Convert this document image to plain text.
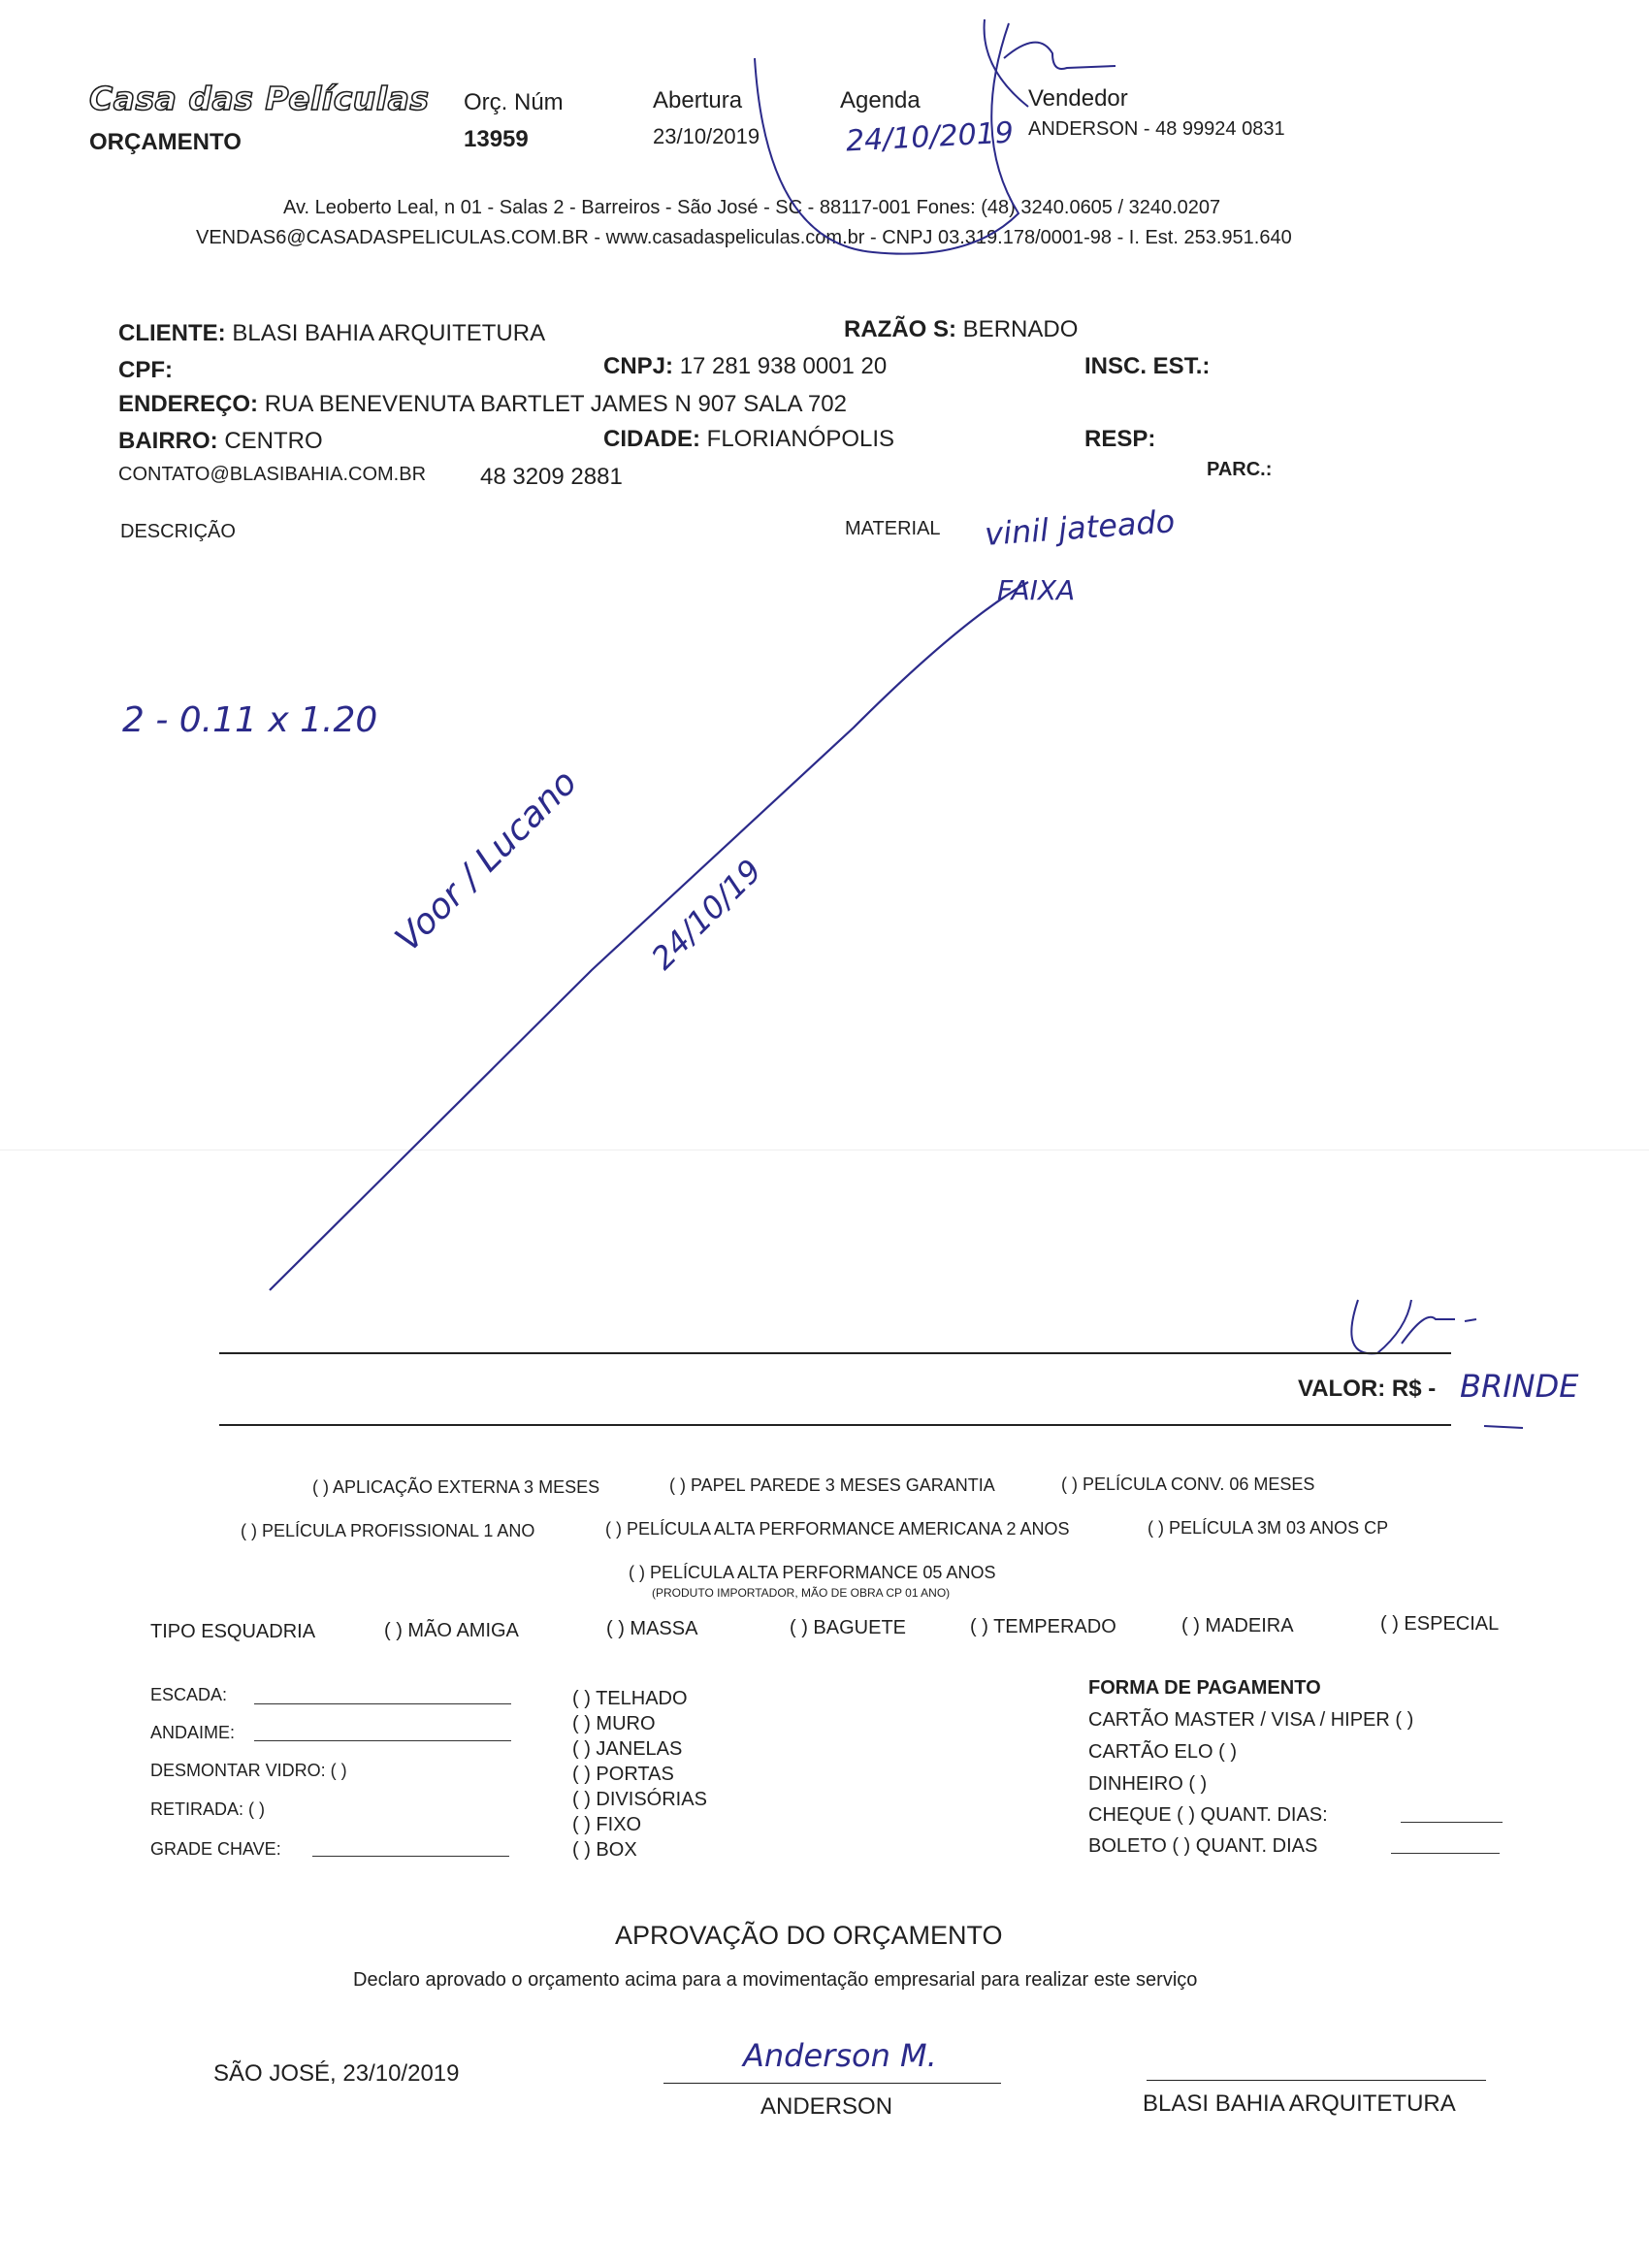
Casa das Películas
ORÇAMENTO
Orç. Núm
13959
Abertura
23/10/2019
Agenda
24/10/2019
Vendedor
ANDERSON - 48 99924 0831
Av. Leoberto Leal, n 01 - Salas 2 - Barreiros - São José - SC - 88117-001 Fones: (48) 3240.0605 / 3240.0207
VENDAS6@CASADASPELICULAS.COM.BR - www.casadaspeliculas.com.br - CNPJ 03.319.178/0001-98 - I. Est. 253.951.640
CLIENTE: BLASI BAHIA ARQUITETURA	RAZÃO S: BERNADO
CPF:	CNPJ: 17 281 938 0001 20	INSC. EST.:
ENDEREÇO: RUA BENEVENUTA BARTLET JAMES N 907 SALA 702
BAIRRO: CENTRO	CIDADE: FLORIANÓPOLIS	RESP:
CONTATO@BLASIBAHIA.COM.BR 48 3209 2881	PARC.:
DESCRIÇÃO	MATERIAL vinil jateado
FAIXA
2 - 0.11 x 1.20
Voor / Lucano 24/10/19
VALOR: R$ - BRINDE
( ) APLICAÇÃO EXTERNA 3 MESES	( ) PAPEL PAREDE 3 MESES GARANTIA	( ) PELÍCULA CONV. 06 MESES
( ) PELÍCULA PROFISSIONAL 1 ANO	( ) PELÍCULA ALTA PERFORMANCE AMERICANA 2 ANOS	( ) PELÍCULA 3M 03 ANOS CP
( ) PELÍCULA ALTA PERFORMANCE 05 ANOS
(PRODUTO IMPORTADOR, MÃO DE OBRA CP 01 ANO)
TIPO ESQUADRIA	( ) MÃO AMIGA	( ) MASSA	( ) BAGUETE	( ) TEMPERADO	( ) MADEIRA	( ) ESPECIAL
ESCADA:
ANDAIME:
DESMONTAR VIDRO: ( )
RETIRADA: ( )
GRADE CHAVE:
( ) TELHADO
( ) MURO
( ) JANELAS
( ) PORTAS
( ) DIVISÓRIAS
( ) FIXO
( ) BOX
FORMA DE PAGAMENTO
CARTÃO MASTER / VISA / HIPER ( )
CARTÃO ELO ( )
DINHEIRO ( )
CHEQUE ( ) QUANT. DIAS:
BOLETO ( ) QUANT. DIAS
APROVAÇÃO DO ORÇAMENTO
Declaro aprovado o orçamento acima para a movimentação empresarial para realizar este serviço
SÃO JOSÉ, 23/10/2019	Anderson M.
ANDERSON	BLASI BAHIA ARQUITETURA
